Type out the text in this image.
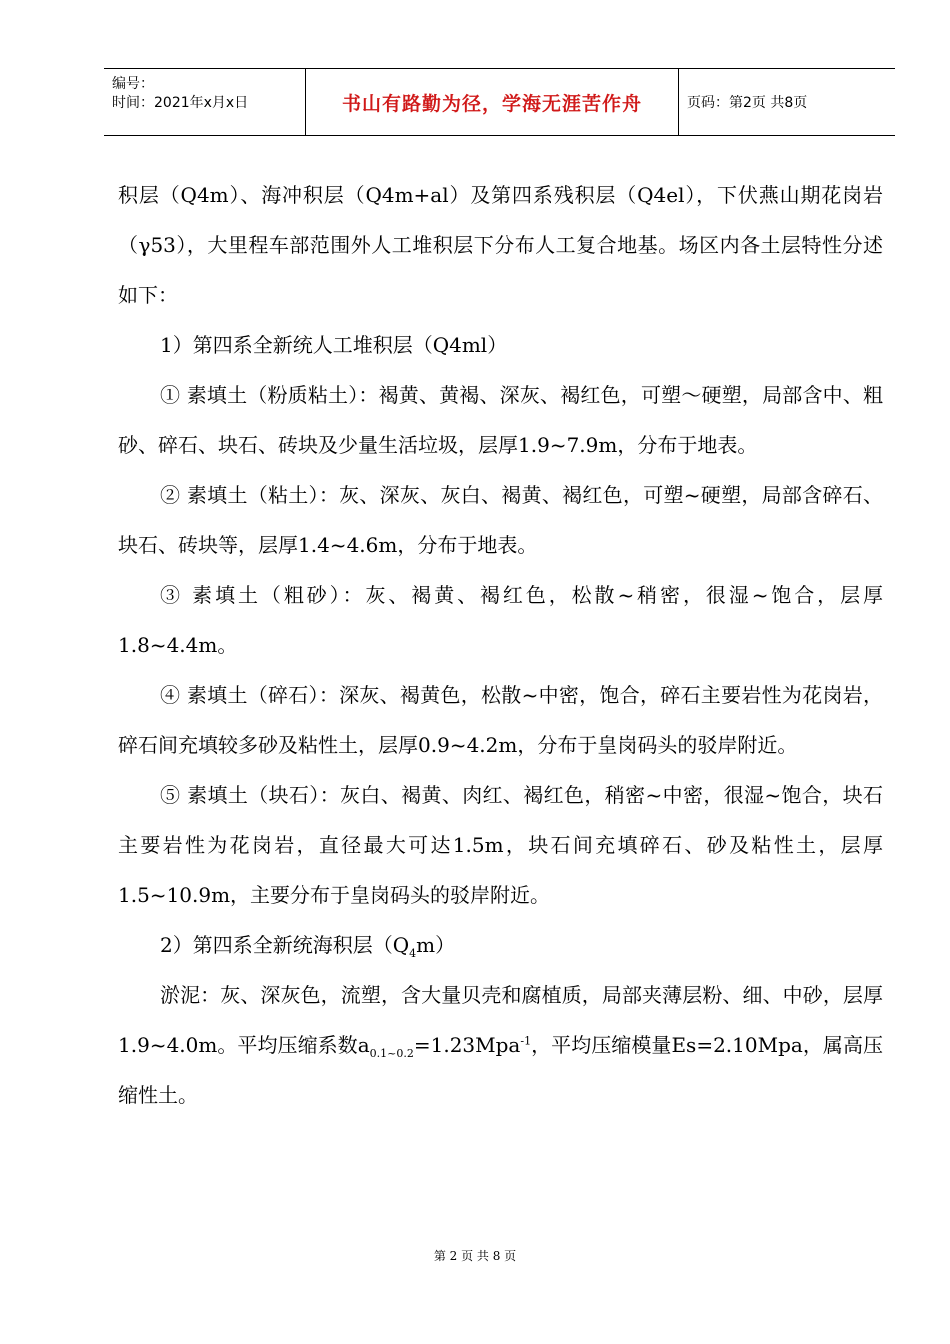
编号：
时间：2021年x月x日	书山有路勤为径，学海无涯苦作舟	页码：第2页 共8页

积层（Q4m）、海冲积层（Q4m+al）及第四系残积层（Q4el），下伏燕山期花岗岩（γ53），大里程车部范围外人工堆积层下分布人工复合地基。场区内各土层特性分述如下：

1）第四系全新统人工堆积层（Q4ml）

① 素填土（粉质粘土）：褐黄、黄褐、深灰、褐红色，可塑～硬塑，局部含中、粗砂、碎石、块石、砖块及少量生活垃圾，层厚1.9~7.9m，分布于地表。

② 素填土（粘土）：灰、深灰、灰白、褐黄、褐红色，可塑~硬塑，局部含碎石、块石、砖块等，层厚1.4~4.6m，分布于地表。

③ 素填土（粗砂）：灰、褐黄、褐红色，松散~稍密，很湿~饱合，层厚1.8~4.4m。

④ 素填土（碎石）：深灰、褐黄色，松散~中密，饱合，碎石主要岩性为花岗岩，碎石间充填较多砂及粘性土，层厚0.9~4.2m，分布于皇岗码头的驳岸附近。

⑤ 素填土（块石）：灰白、褐黄、肉红、褐红色，稍密~中密，很湿~饱合，块石主要岩性为花岗岩，直径最大可达1.5m，块石间充填碎石、砂及粘性土，层厚1.5~10.9m，主要分布于皇岗码头的驳岸附近。

2）第四系全新统海积层$(Q_4m)$

淤泥：灰、深灰色，流塑，含大量贝壳和腐植质，局部夹薄层粉、细、中砂，层厚1.9~4.0m。平均压缩系数$a_{0.1\sim 0.2}=1.23Mpa^{-1}$，平均压缩模量Es=2.10Mpa，属高压缩性土。

第 2 页 共 8 页
